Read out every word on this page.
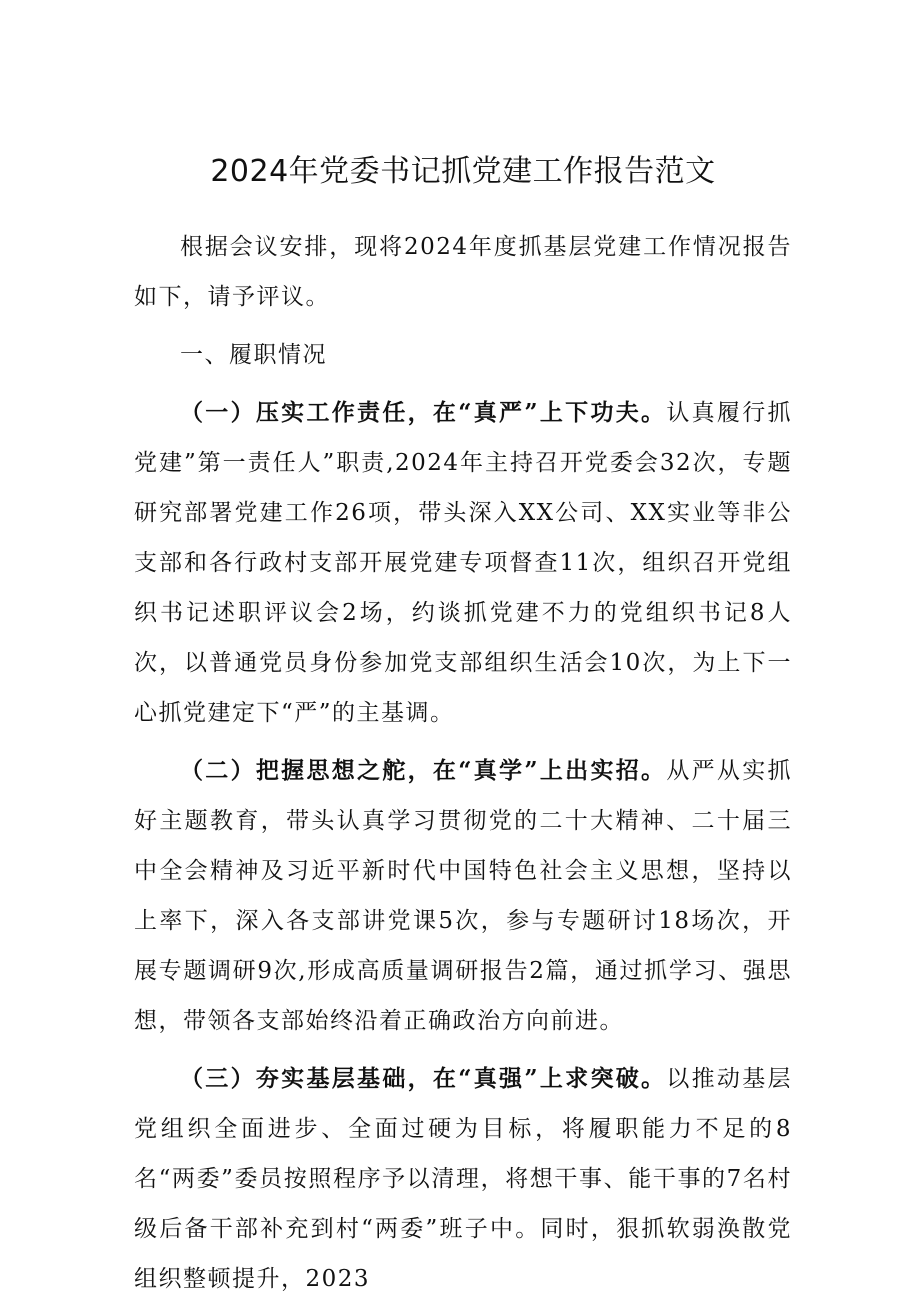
2024年党委书记抓党建工作报告范文

根据会议安排，现将2024年度抓基层党建工作情况报告如下，请予评议。

一、履职情况

（一）压实工作责任，在“真严”上下功夫。认真履行抓党建”第一责任人”职责,2024年主持召开党委会32次，专题研究部署党建工作26项，带头深入XX公司、XX实业等非公支部和各行政村支部开展党建专项督查11次，组织召开党组织书记述职评议会2场，约谈抓党建不力的党组织书记8人次，以普通党员身份参加党支部组织生活会10次，为上下一心抓党建定下“严”的主基调。

（二）把握思想之舵，在“真学”上出实招。从严从实抓好主题教育，带头认真学习贯彻党的二十大精神、二十届三中全会精神及习近平新时代中国特色社会主义思想，坚持以上率下，深入各支部讲党课5次，参与专题研讨18场次，开展专题调研9次,形成高质量调研报告2篇，通过抓学习、强思想，带领各支部始终沿着正确政治方向前进。

（三）夯实基层基础，在“真强”上求突破。以推动基层党组织全面进步、全面过硬为目标，将履职能力不足的8名“两委”委员按照程序予以清理，将想干事、能干事的7名村级后备干部补充到村“两委”班子中。同时，狠抓软弱涣散党组织整顿提升，2023
